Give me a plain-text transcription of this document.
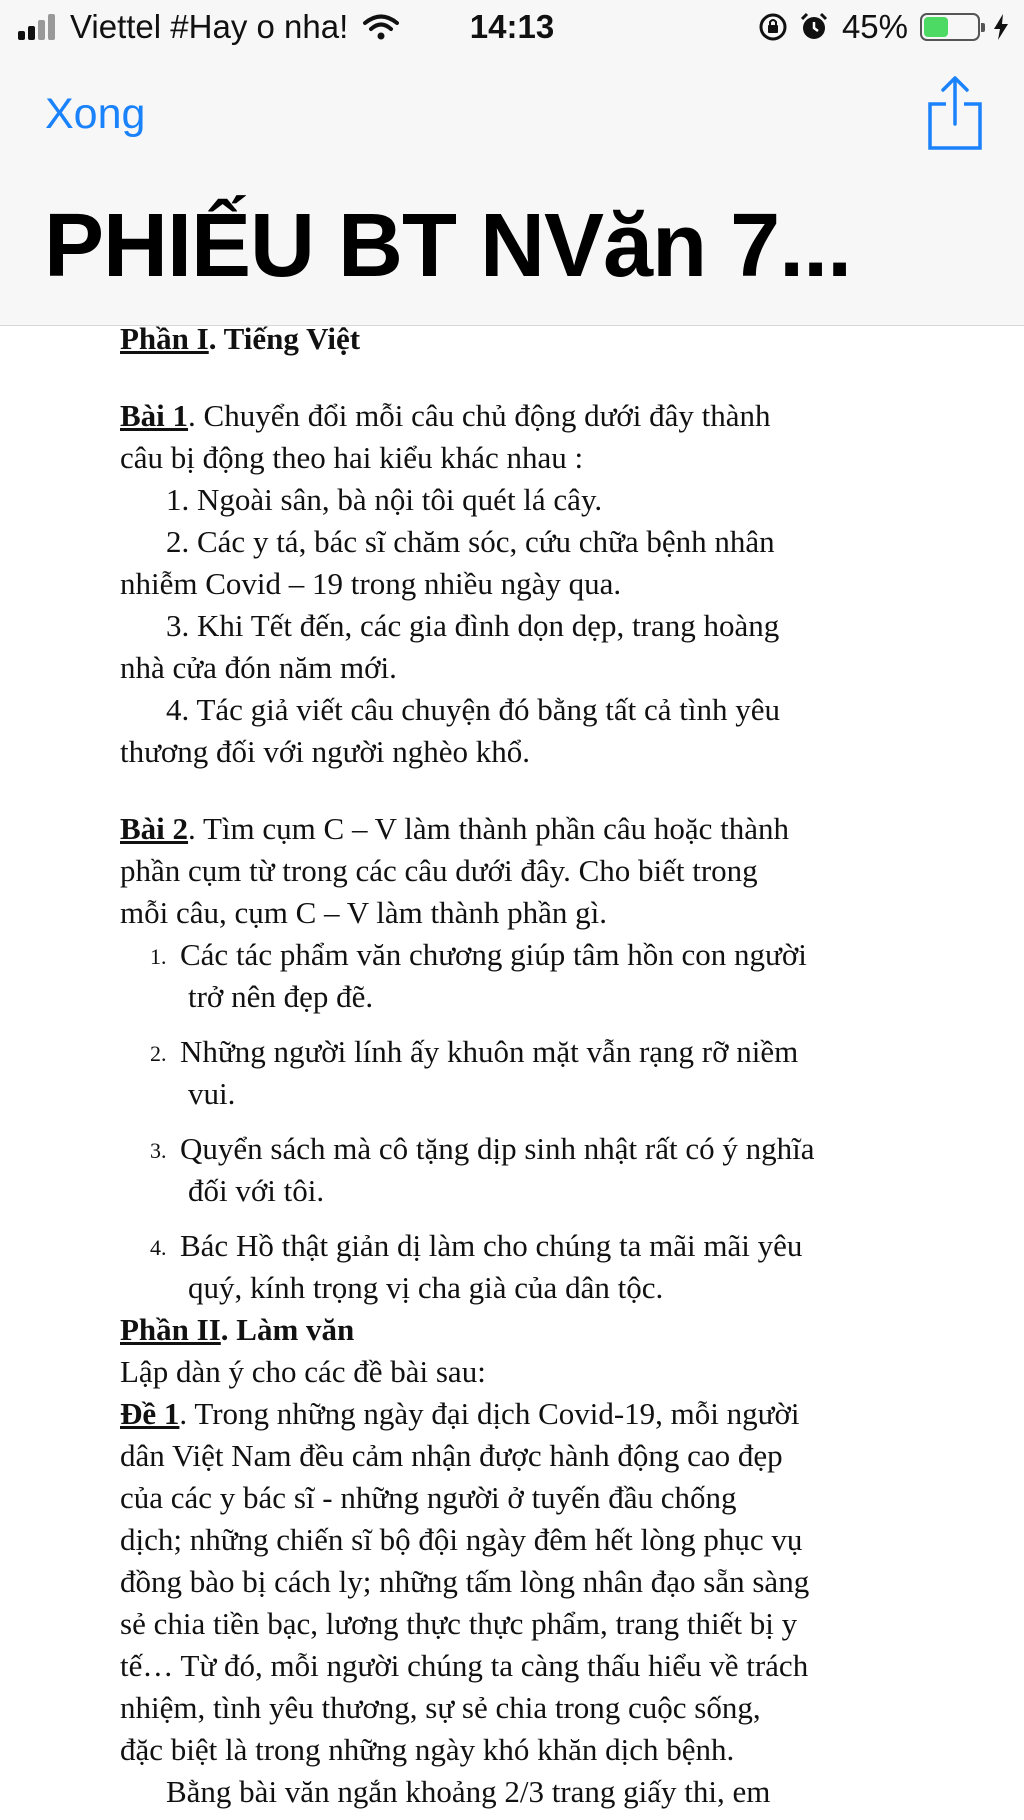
Viettel #Hay o nha!	14:13	45%
Xong
PHIẾU BT NVăn 7...

Phần I. Tiếng Việt

Bài 1. Chuyển đổi mỗi câu chủ động dưới đây thành

câu bị động theo hai kiểu khác nhau :

1. Ngoài sân, bà nội tôi quét lá cây.

2. Các y tá, bác sĩ chăm sóc, cứu chữa bệnh nhân

nhiễm Covid – 19 trong nhiều ngày qua.

3. Khi Tết đến, các gia đình dọn dẹp, trang hoàng

nhà cửa đón năm mới.

4. Tác giả viết câu chuyện đó bằng tất cả tình yêu

thương đối với người nghèo khổ.

Bài 2. Tìm cụm C – V làm thành phần câu hoặc thành

phần cụm từ trong các câu dưới đây. Cho biết trong

mỗi câu, cụm C – V làm thành phần gì.

1. Các tác phẩm văn chương giúp tâm hồn con người
trở nên đẹp đẽ.
2. Những người lính ấy khuôn mặt vẫn rạng rỡ niềm
vui.
3. Quyển sách mà cô tặng dịp sinh nhật rất có ý nghĩa
đối với tôi.
4. Bác Hồ thật giản dị làm cho chúng ta mãi mãi yêu
quý, kính trọng vị cha già của dân tộc.

Phần II. Làm văn

Lập dàn ý cho các đề bài sau:

Đề 1. Trong những ngày đại dịch Covid-19, mỗi người

dân Việt Nam đều cảm nhận được hành động cao đẹp

của các y bác sĩ - những người ở tuyến đầu chống

dịch; những chiến sĩ bộ đội ngày đêm hết lòng phục vụ

đồng bào bị cách ly; những tấm lòng nhân đạo sẵn sàng

sẻ chia tiền bạc, lương thực thực phẩm, trang thiết bị y

tế… Từ đó, mỗi người chúng ta càng thấu hiểu về trách

nhiệm, tình yêu thương, sự sẻ chia trong cuộc sống,

đặc biệt là trong những ngày khó khăn dịch bệnh.

Bằng bài văn ngắn khoảng 2/3 trang giấy thi, em
